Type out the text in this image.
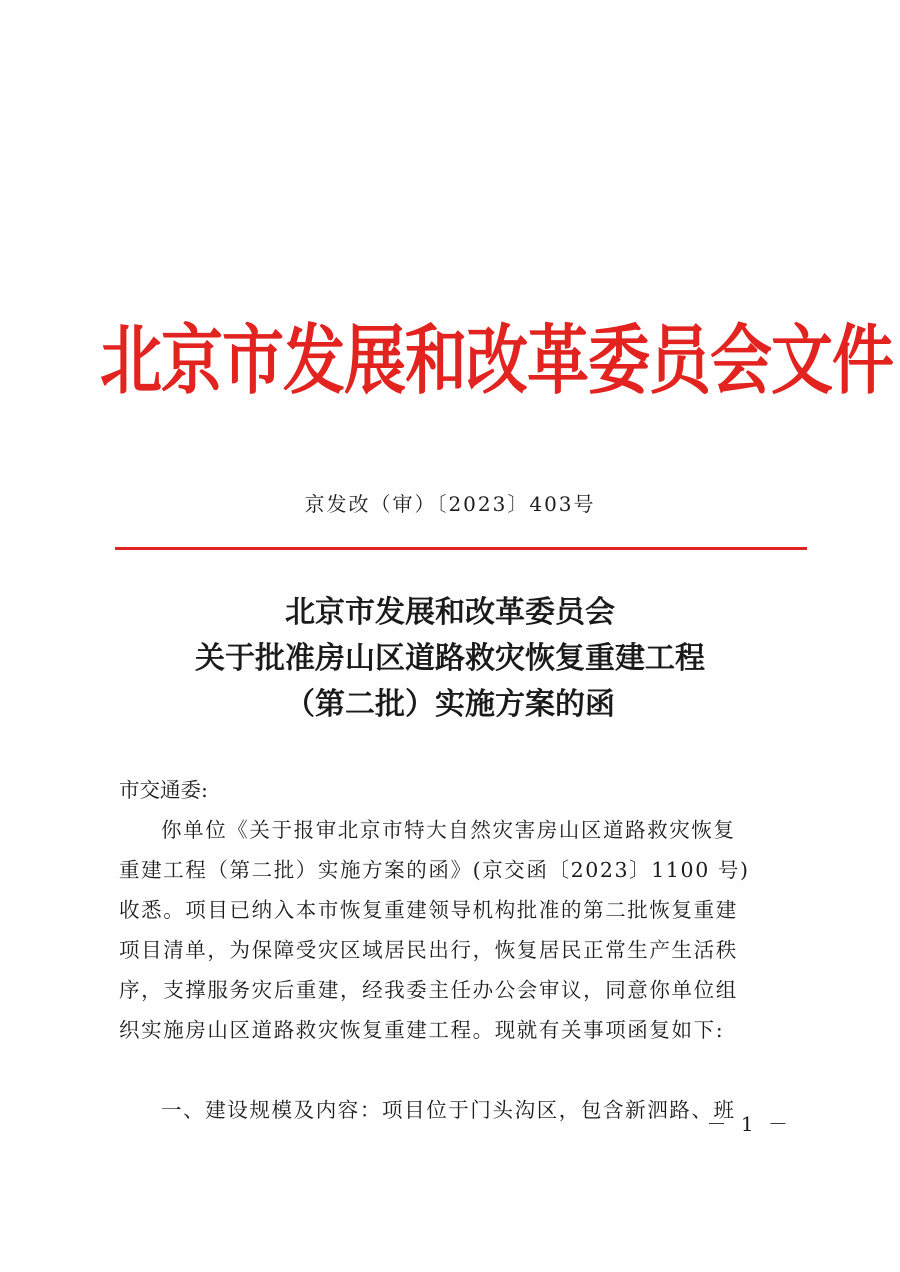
北京市发展和改革委员会文件
京发改（审）〔2023〕403号
北京市发展和改革委员会
关于批准房山区道路救灾恢复重建工程
（第二批）实施方案的函
市交通委:
你单位《关于报审北京市特大自然灾害房山区道路救灾恢复
重建工程（第二批）实施方案的函》(京交函〔2023〕1100 号)
收悉。项目已纳入本市恢复重建领导机构批准的第二批恢复重建
项目清单，为保障受灾区域居民出行，恢复居民正常生产生活秩
序，支撑服务灾后重建，经我委主任办公会审议，同意你单位组
织实施房山区道路救灾恢复重建工程。现就有关事项函复如下:
一、建设规模及内容：项目位于门头沟区，包含新泗路、班
－ 1 －
